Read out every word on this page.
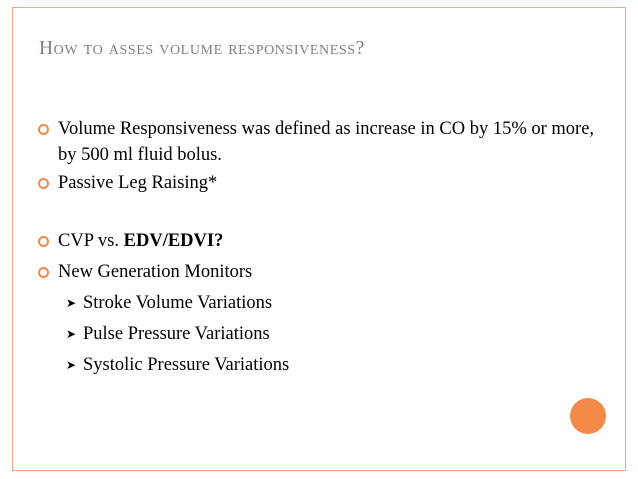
How to asses volume responsiveness?
Volume Responsiveness was defined as increase in CO by 15% or more, by 500 ml fluid bolus.
Passive Leg Raising*
CVP vs. EDV/EDVI?
New Generation Monitors
➤ Stroke Volume Variations
➤ Pulse Pressure Variations
➤ Systolic Pressure Variations
